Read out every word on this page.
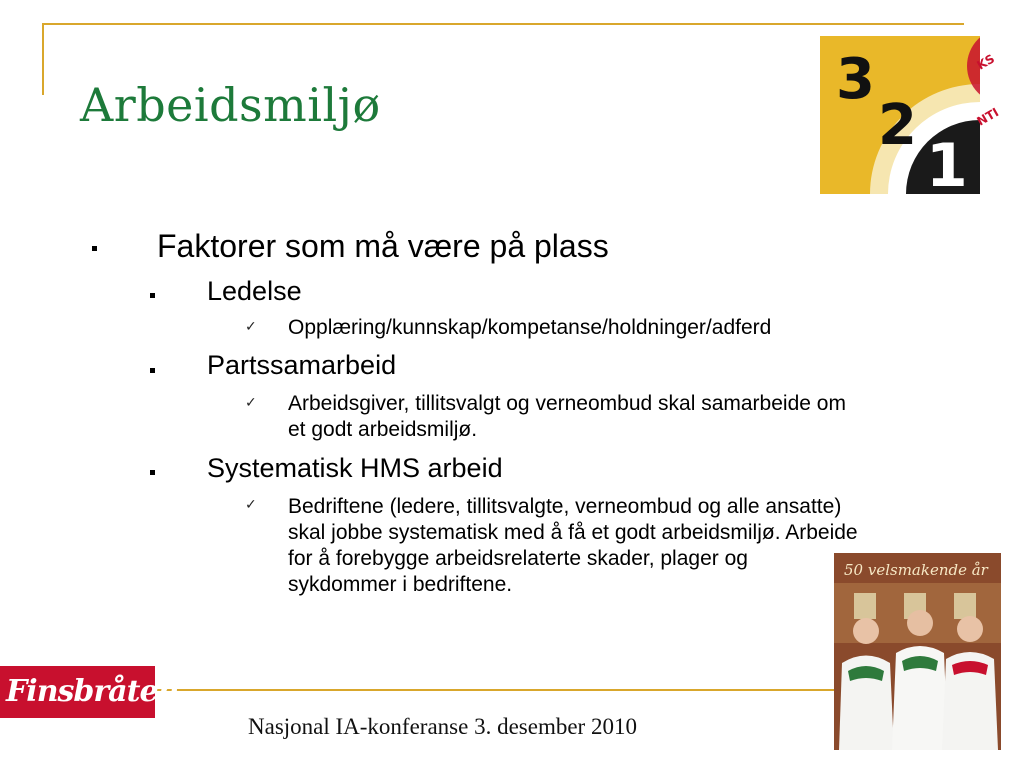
Arbeidsmiljø	3
2
1
KS
NTI
Faktorer som må være på plass
Ledelse
✓ Opplæring/kunnskap/kompetanse/holdninger/adferd
Partssamarbeid
✓ Arbeidsgiver, tillitsvalgt og verneombud skal samarbeide om
et godt arbeidsmiljø.
Systematisk HMS arbeid
✓ Bedriftene (ledere, tillitsvalgte, verneombud og alle ansatte)
skal jobbe systematisk med å få et godt arbeidsmiljø. Arbeide
for å forebygge arbeidsrelaterte skader, plager og
sykdommer i bedriftene.
Finsbråten
Nasjonal IA-konferanse 3. desember 2010
50 velsmakende år
